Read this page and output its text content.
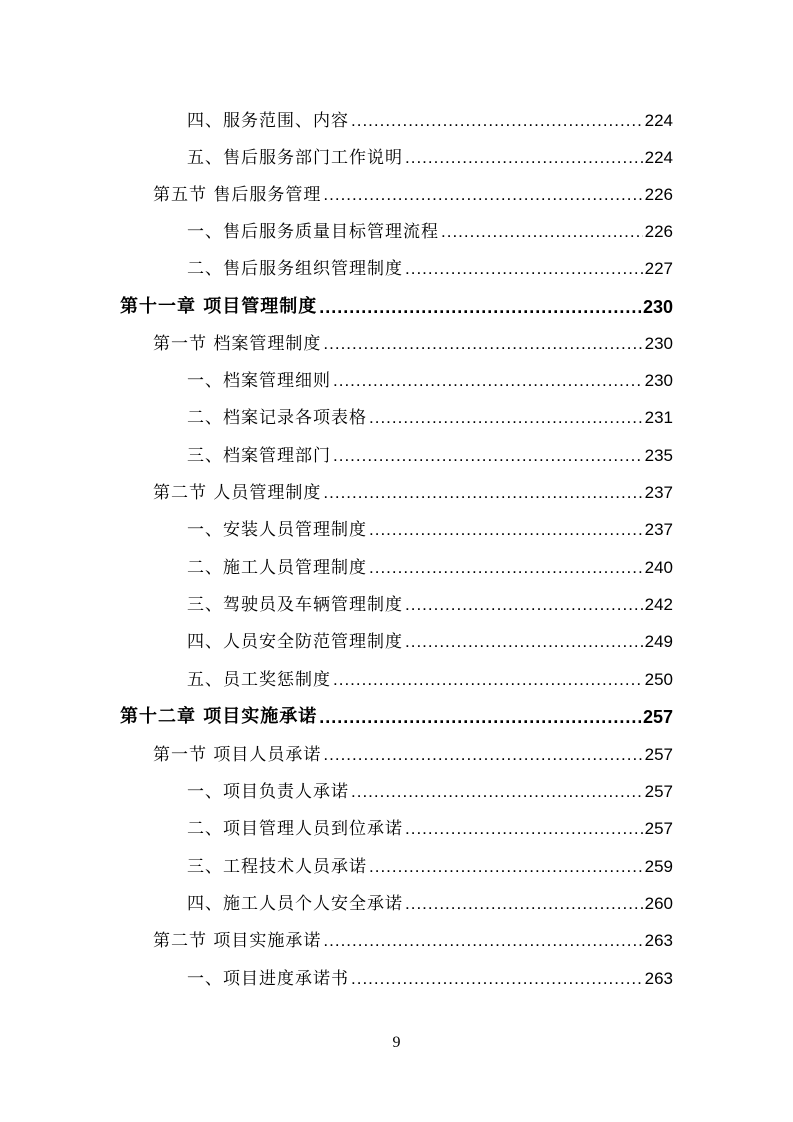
四、服务范围、内容 .....	224
五、售后服务部门工作说明 .....	224
第五节 售后服务管理 .....	226
一、售后服务质量目标管理流程 .....	226
二、售后服务组织管理制度 .....	227
第十一章 项目管理制度 .....	230
第一节 档案管理制度 .....	230
一、档案管理细则 .....	230
二、档案记录各项表格 .....	231
三、档案管理部门 .....	235
第二节 人员管理制度 .....	237
一、安装人员管理制度 .....	237
二、施工人员管理制度 .....	240
三、驾驶员及车辆管理制度 .....	242
四、人员安全防范管理制度 .....	249
五、员工奖惩制度 .....	250
第十二章 项目实施承诺 .....	257
第一节 项目人员承诺 .....	257
一、项目负责人承诺 .....	257
二、项目管理人员到位承诺 .....	257
三、工程技术人员承诺 .....	259
四、施工人员个人安全承诺 .....	260
第二节 项目实施承诺 .....	263
一、项目进度承诺书 .....	263
9
